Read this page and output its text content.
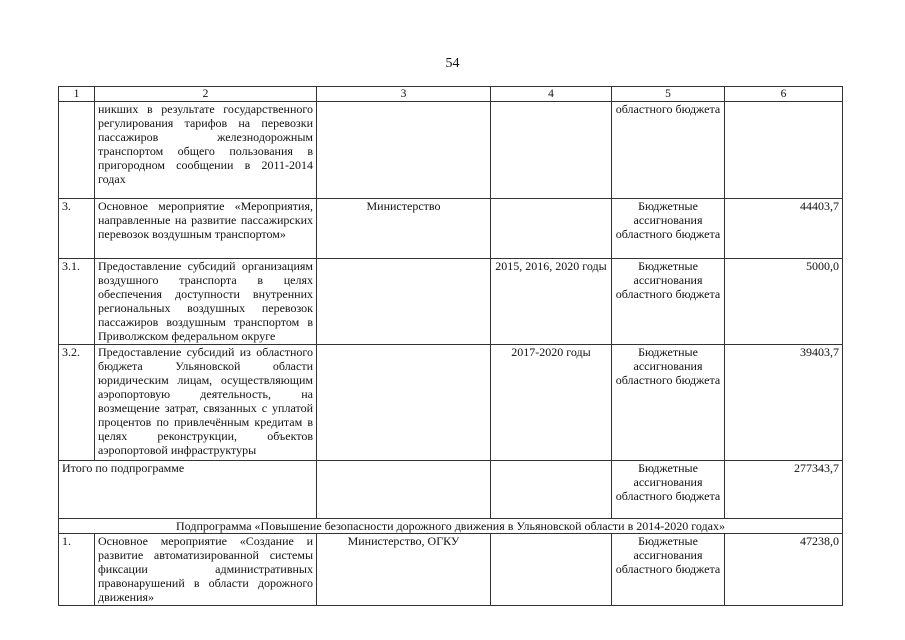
54
1	2	3	4	5	6
	никших в результате государственного регулирования тарифов на перевозки пассажиров железнодорожным транспортом общего пользования в пригородном сообщении в 2011-2014 годах			областного бюджета	
3.	Основное мероприятие «Мероприятия, направленные на развитие пассажирских перевозок воздушным транспортом»	Министерство		Бюджетные ассигнования областного бюджета	44403,7
3.1.	Предоставление субсидий организациям воздушного транспорта в целях обеспечения доступности внутренних региональных воздушных перевозок пассажиров воздушным транспортом в Приволжском федеральном округе		2015, 2016, 2020 годы	Бюджетные ассигнования областного бюджета	5000,0
3.2.	Предоставление субсидий из областного бюджета Ульяновской области юридическим лицам, осуществляющим аэропортовую деятельность, на возмещение затрат, связанных с уплатой процентов по привлечённым кредитам в целях реконструкции, объектов аэропортовой инфраструктуры		2017-2020 годы	Бюджетные ассигнования областного бюджета	39403,7
Итого по подпрограмме				Бюджетные ассигнования областного бюджета	277343,7
Подпрограмма «Повышение безопасности дорожного движения в Ульяновской области в 2014-2020 годах»					
1.	Основное мероприятие «Создание и развитие автоматизированной системы фиксации административных правонарушений в области дорожного движения»	Министерство, ОГКУ		Бюджетные ассигнования областного бюджета	47238,0
